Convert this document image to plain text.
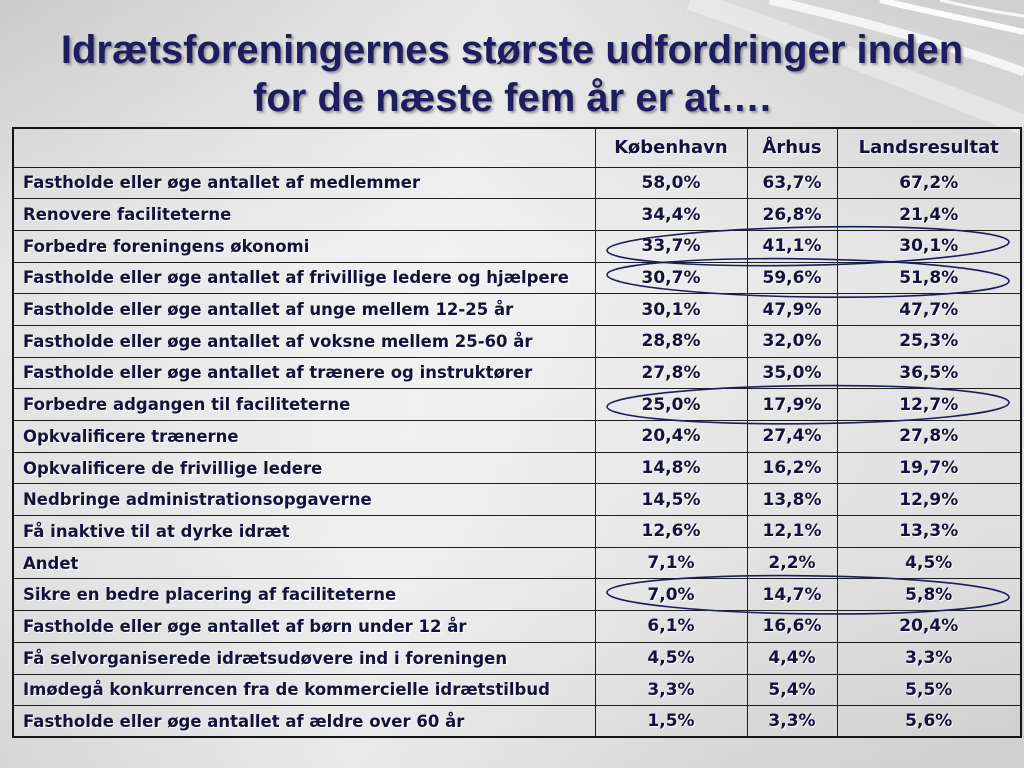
Idrætsforeningernes største udfordringer inden
for de næste fem år er at….
	København	Århus	Landsresultat
Fastholde eller øge antallet af medlemmer	58,0%	63,7%	67,2%
Renovere faciliteterne	34,4%	26,8%	21,4%
Forbedre foreningens økonomi	33,7%	41,1%	30,1%
Fastholde eller øge antallet af frivillige ledere og hjælpere	30,7%	59,6%	51,8%
Fastholde eller øge antallet af unge mellem 12-25 år	30,1%	47,9%	47,7%
Fastholde eller øge antallet af voksne mellem 25-60 år	28,8%	32,0%	25,3%
Fastholde eller øge antallet af trænere og instruktører	27,8%	35,0%	36,5%
Forbedre adgangen til faciliteterne	25,0%	17,9%	12,7%
Opkvalificere trænerne	20,4%	27,4%	27,8%
Opkvalificere de frivillige ledere	14,8%	16,2%	19,7%
Nedbringe administrationsopgaverne	14,5%	13,8%	12,9%
Få inaktive til at dyrke idræt	12,6%	12,1%	13,3%
Andet	7,1%	2,2%	4,5%
Sikre en bedre placering af faciliteterne	7,0%	14,7%	5,8%
Fastholde eller øge antallet af børn under 12 år	6,1%	16,6%	20,4%
Få selvorganiserede idrætsudøvere ind i foreningen	4,5%	4,4%	3,3%
Imødegå konkurrencen fra de kommercielle idrætstilbud	3,3%	5,4%	5,5%
Fastholde eller øge antallet af ældre over 60 år	1,5%	3,3%	5,6%
